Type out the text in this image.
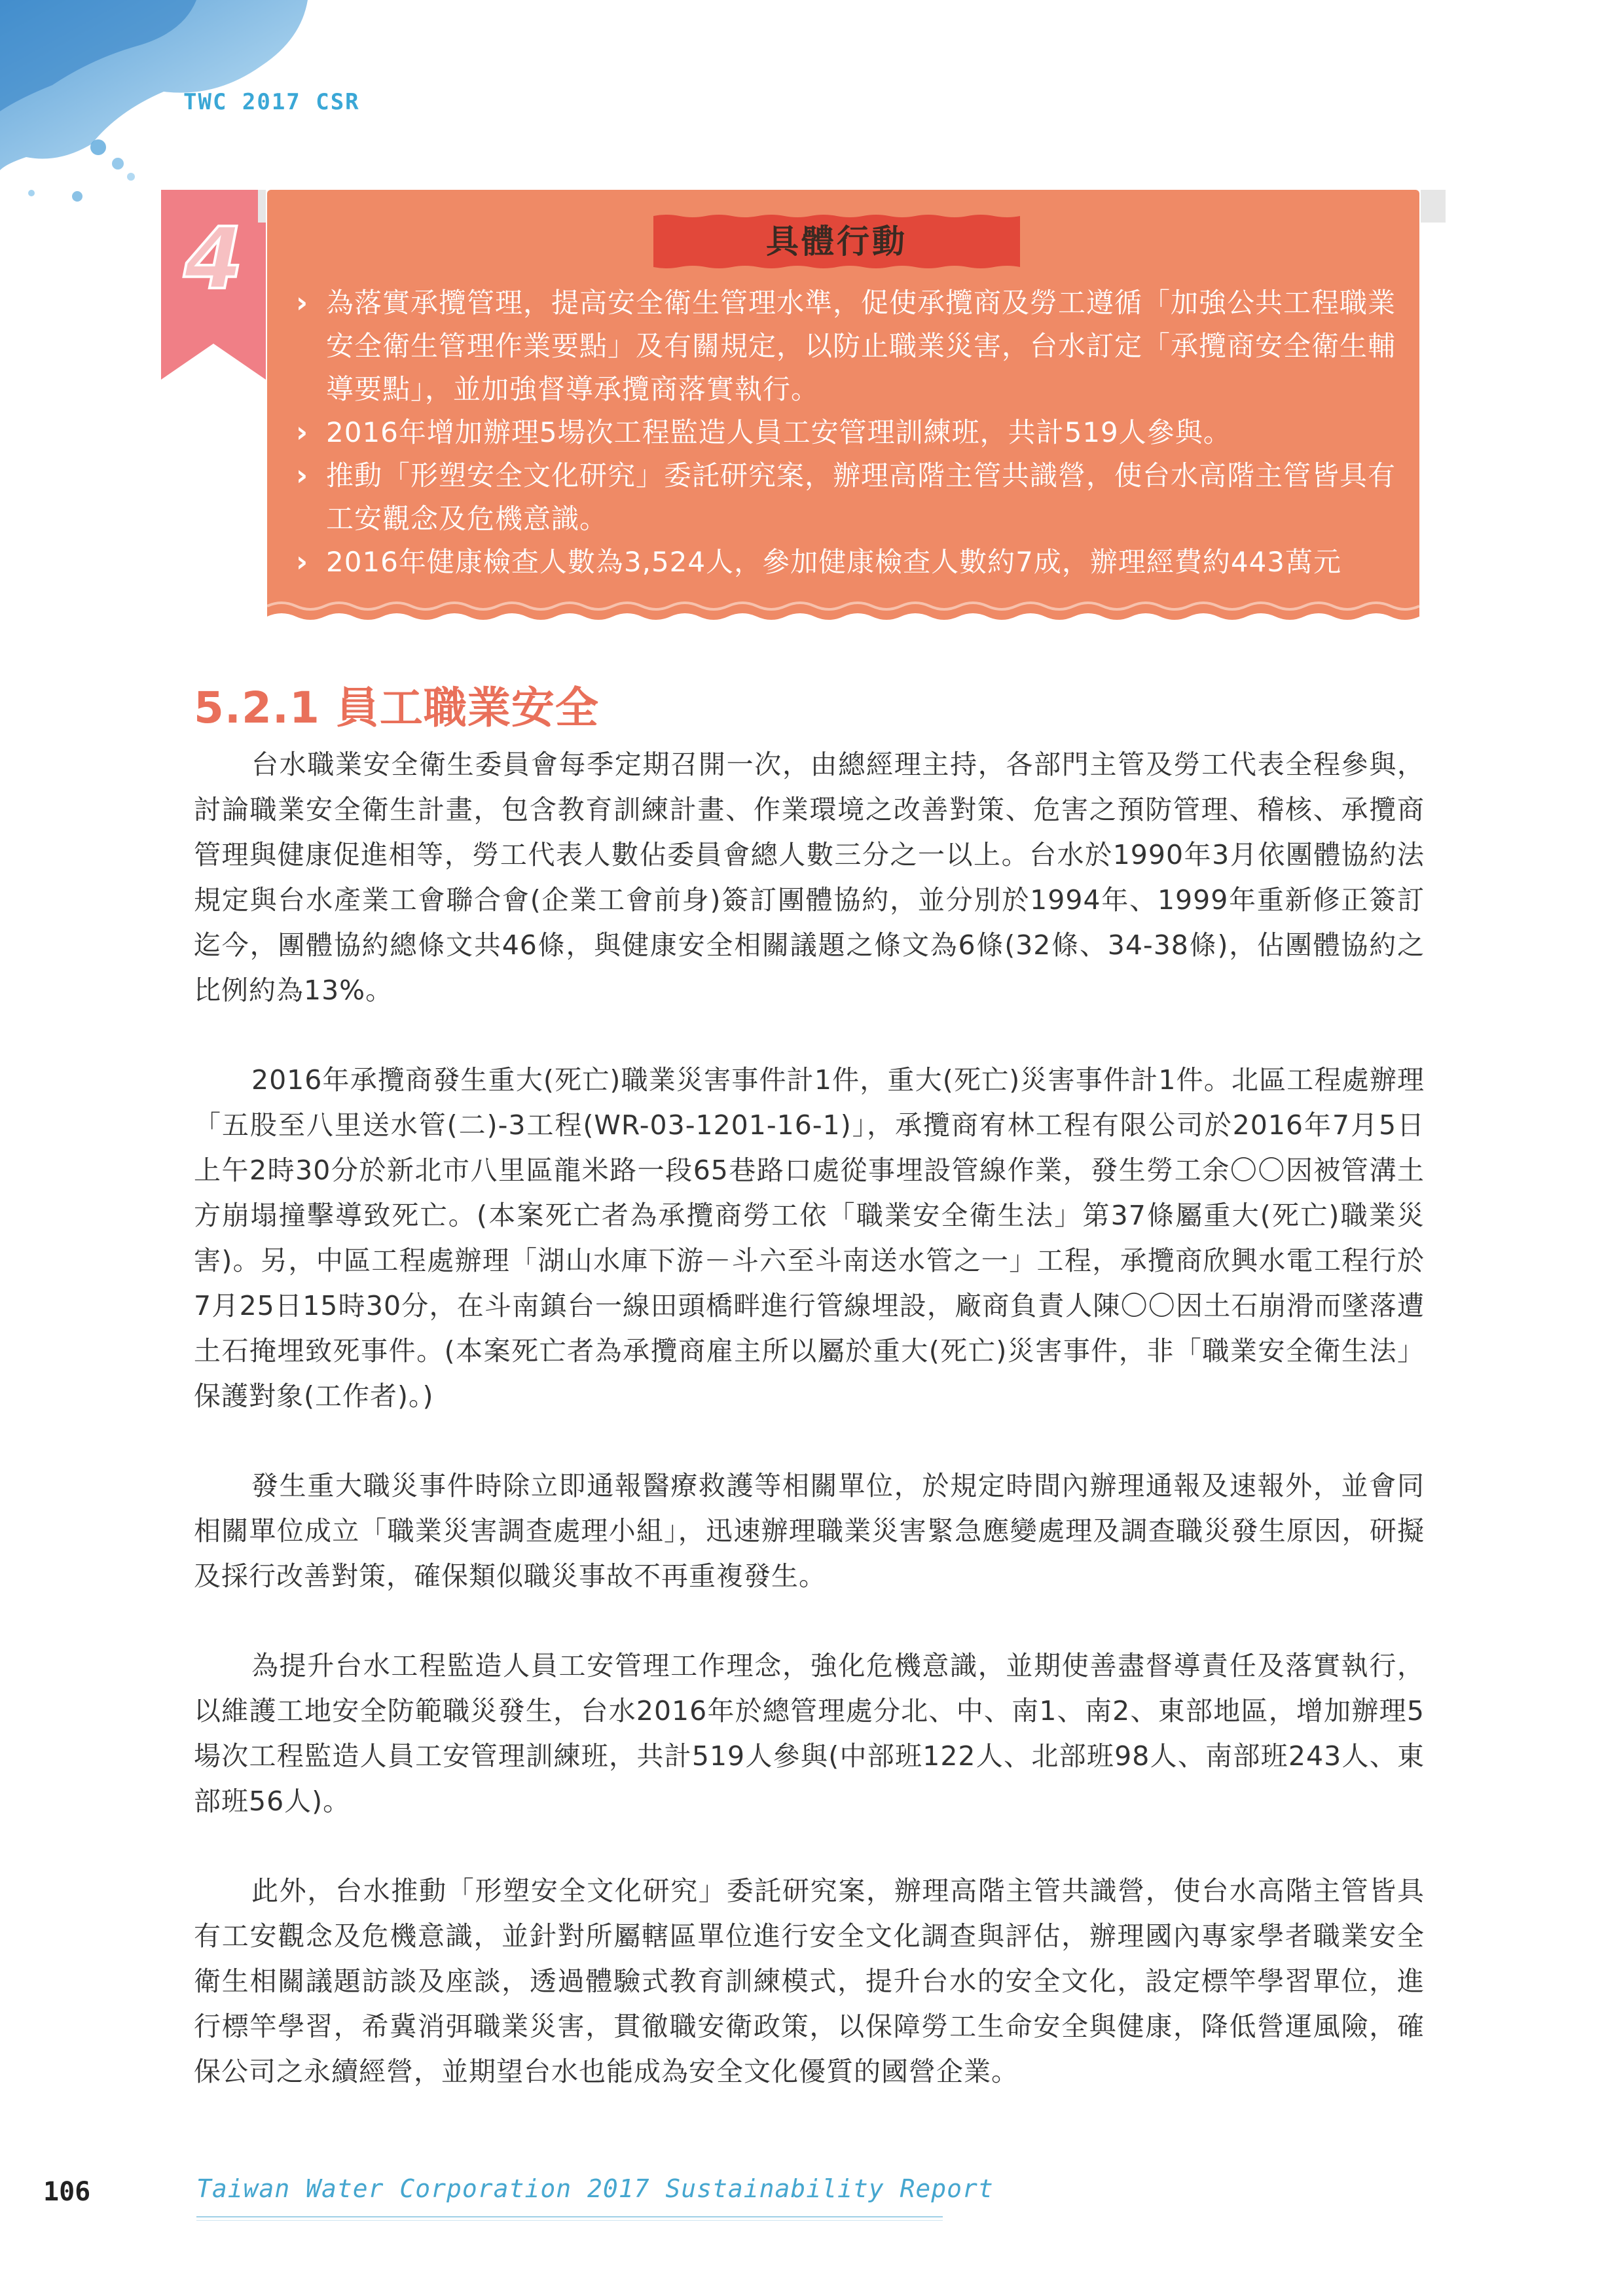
TWC 2017 CSR
4	具體行動
› 為落實承攬管理，提高安全衛生管理水準，促使承攬商及勞工遵循「加強公共工程職業安全衛生管理作業要點」及有關規定，以防止職業災害，台水訂定「承攬商安全衛生輔導要點」，並加強督導承攬商落實執行。
› 2016年增加辦理5場次工程監造人員工安管理訓練班，共計519人參與。
› 推動「形塑安全文化研究」委託研究案，辦理高階主管共識營，使台水高階主管皆具有工安觀念及危機意識。
› 2016年健康檢查人數為3,524人，參加健康檢查人數約7成，辦理經費約443萬元
5.2.1 員工職業安全

台水職業安全衛生委員會每季定期召開一次，由總經理主持，各部門主管及勞工代表全程參與，討論職業安全衛生計畫，包含教育訓練計畫、作業環境之改善對策、危害之預防管理、稽核、承攬商管理與健康促進相等，勞工代表人數佔委員會總人數三分之一以上。台水於1990年3月依團體協約法規定與台水產業工會聯合會(企業工會前身)簽訂團體協約，並分別於1994年、1999年重新修正簽訂迄今，團體協約總條文共46條，與健康安全相關議題之條文為6條(32條、34-38條)，佔團體協約之比例約為13%。

2016年承攬商發生重大(死亡)職業災害事件計1件，重大(死亡)災害事件計1件。北區工程處辦理「五股至八里送水管(二)-3工程(WR-03-1201-16-1)」，承攬商宥林工程有限公司於2016年7月5日上午2時30分於新北市八里區龍米路一段65巷路口處從事埋設管線作業，發生勞工余〇〇因被管溝土方崩塌撞擊導致死亡。(本案死亡者為承攬商勞工依「職業安全衛生法」第37條屬重大(死亡)職業災害)。另，中區工程處辦理「湖山水庫下游－斗六至斗南送水管之一」工程，承攬商欣興水電工程行於7月25日15時30分，在斗南鎮台一線田頭橋畔進行管線埋設，廠商負責人陳〇〇因土石崩滑而墜落遭土石掩埋致死事件。(本案死亡者為承攬商雇主所以屬於重大(死亡)災害事件，非「職業安全衛生法」保護對象(工作者)。)

發生重大職災事件時除立即通報醫療救護等相關單位，於規定時間內辦理通報及速報外，並會同相關單位成立「職業災害調查處理小組」，迅速辦理職業災害緊急應變處理及調查職災發生原因，研擬及採行改善對策，確保類似職災事故不再重複發生。

為提升台水工程監造人員工安管理工作理念，強化危機意識，並期使善盡督導責任及落實執行，以維護工地安全防範職災發生，台水2016年於總管理處分北、中、南1、南2、東部地區，增加辦理5場次工程監造人員工安管理訓練班，共計519人參與(中部班122人、北部班98人、南部班243人、東部班56人)。

此外，台水推動「形塑安全文化研究」委託研究案，辦理高階主管共識營，使台水高階主管皆具有工安觀念及危機意識，並針對所屬轄區單位進行安全文化調查與評估，辦理國內專家學者職業安全衛生相關議題訪談及座談，透過體驗式教育訓練模式，提升台水的安全文化，設定標竿學習單位，進行標竿學習，希冀消弭職業災害，貫徹職安衛政策，以保障勞工生命安全與健康，降低營運風險，確保公司之永續經營，並期望台水也能成為安全文化優質的國營企業。

106	Taiwan Water Corporation 2017 Sustainability Report
